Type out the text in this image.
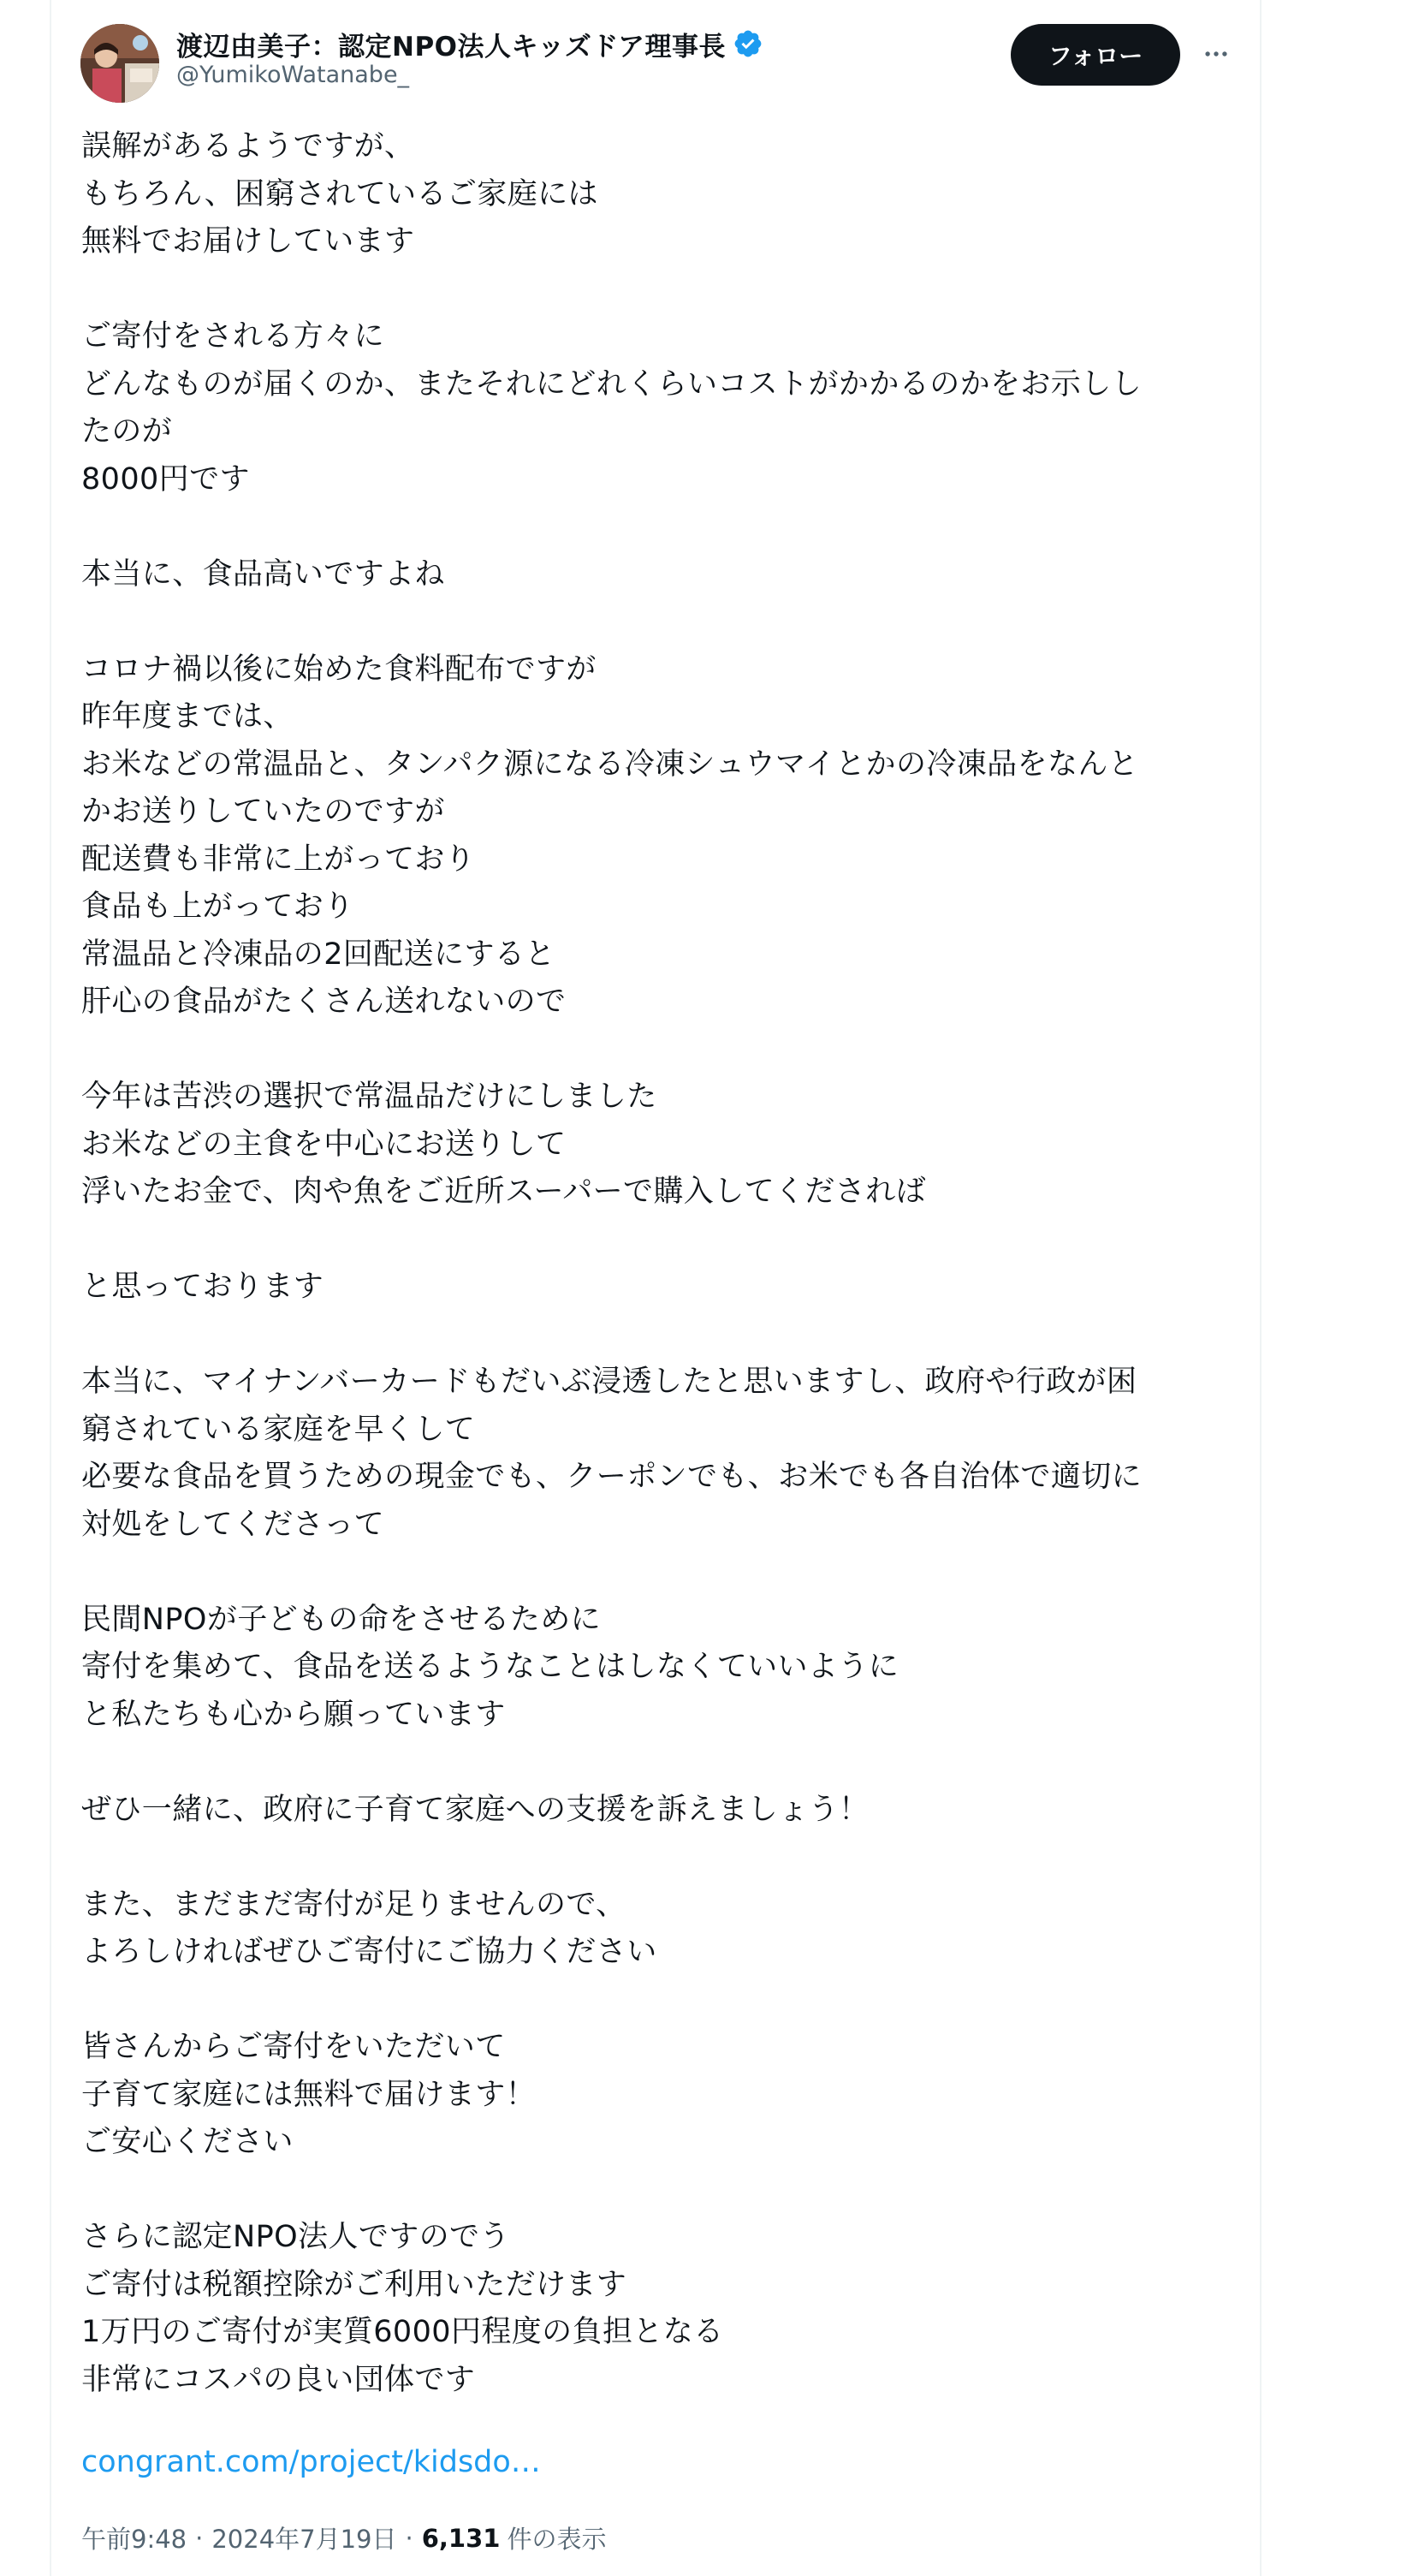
渡辺由美子：認定NPO法人キッズドア理事長
@YumikoWatanabe_
フォロー
誤解があるようですが、
もちろん、困窮されているご家庭には
無料でお届けしています

ご寄付をされる方々に
どんなものが届くのか、またそれにどれくらいコストがかかるのかをお示しし
たのが
8000円です

本当に、食品高いですよね

コロナ禍以後に始めた食料配布ですが
昨年度までは、
お米などの常温品と、タンパク源になる冷凍シュウマイとかの冷凍品をなんと
かお送りしていたのですが
配送費も非常に上がっており
食品も上がっており
常温品と冷凍品の2回配送にすると
肝心の食品がたくさん送れないので

今年は苦渋の選択で常温品だけにしました
お米などの主食を中心にお送りして
浮いたお金で、肉や魚をご近所スーパーで購入してくだされば

と思っております

本当に、マイナンバーカードもだいぶ浸透したと思いますし、政府や行政が困
窮されている家庭を早くして
必要な食品を買うための現金でも、クーポンでも、お米でも各自治体で適切に
対処をしてくださって

民間NPOが子どもの命をさせるために
寄付を集めて、食品を送るようなことはしなくていいように
と私たちも心から願っています

ぜひ一緒に、政府に子育て家庭への支援を訴えましょう！

また、まだまだ寄付が足りませんので、
よろしければぜひご寄付にご協力ください

皆さんからご寄付をいただいて
子育て家庭には無料で届けます！
ご安心ください

さらに認定NPO法人ですのでう
ご寄付は税額控除がご利用いただけます
1万円のご寄付が実質6000円程度の負担となる
非常にコスパの良い団体です
congrant.com/project/kidsdo…
午前9:48 · 2024年7月19日 · 6,131 件の表示
